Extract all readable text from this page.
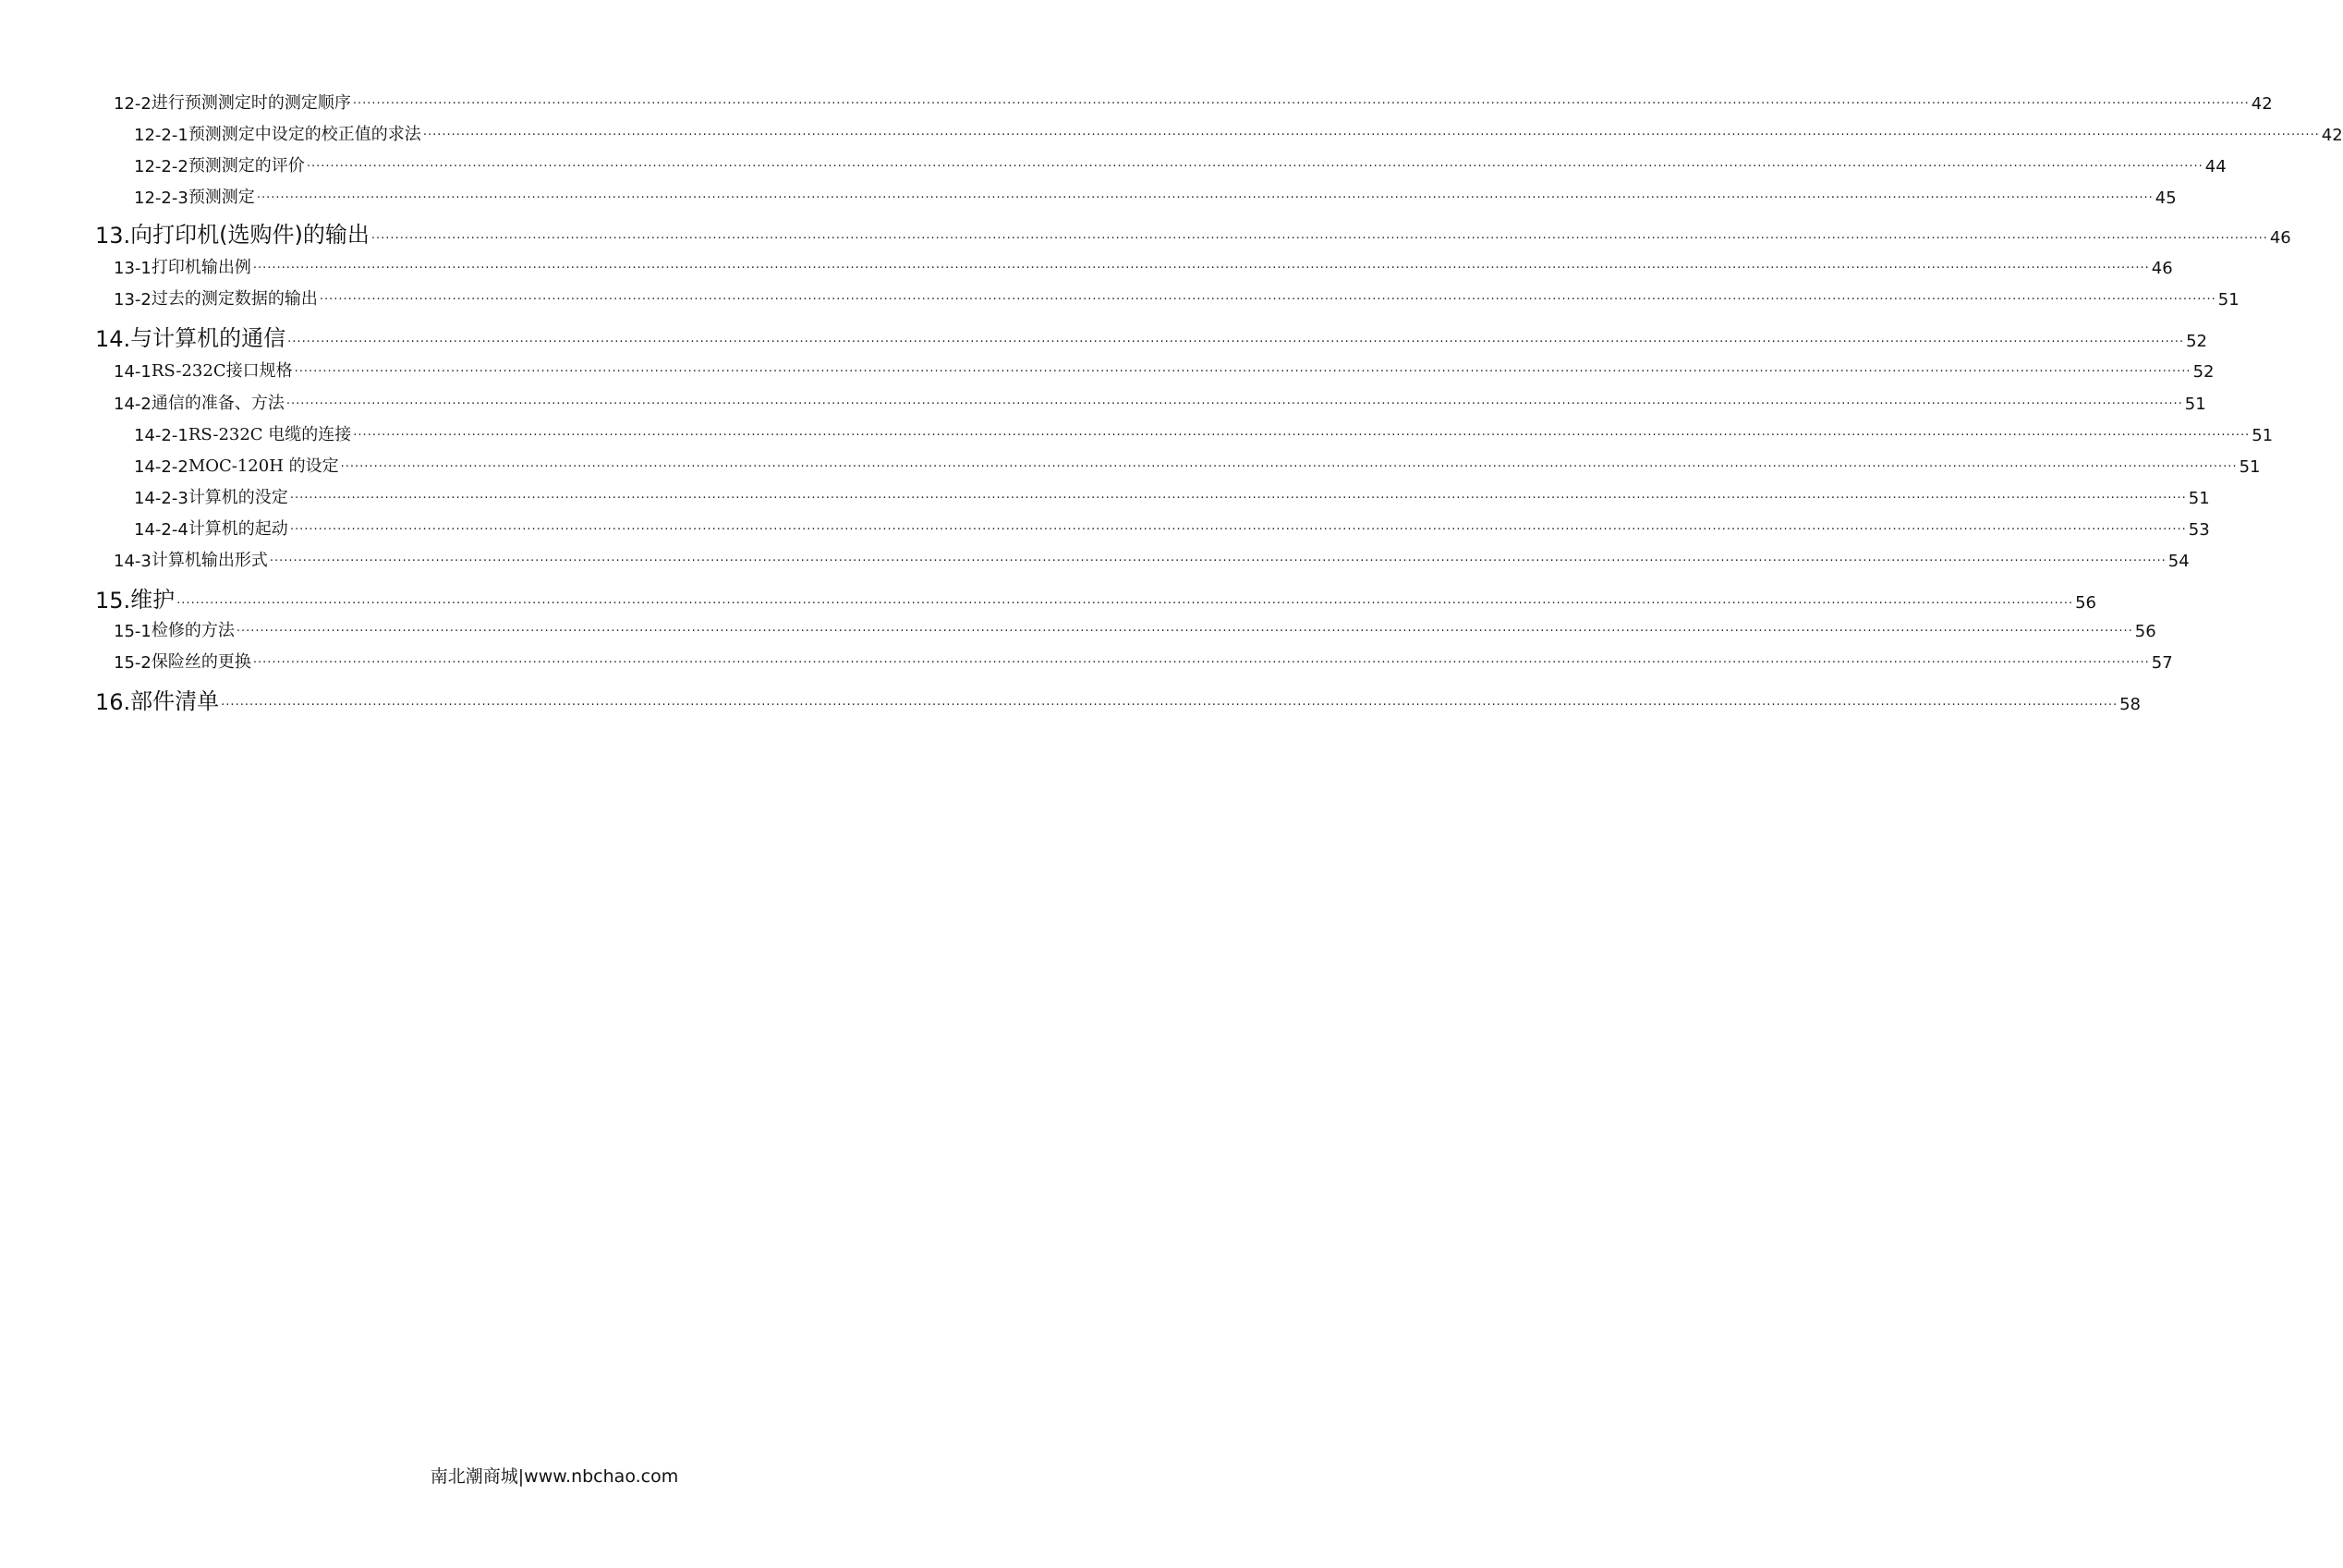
12-2 进行预测测定时的测定顺序 ················································································································································································································································································································································································································ 42
12-2-1 预测测定中设定的校正值的求法 ················································································································································································································································································································································································································ 42
12-2-2 预测测定的评价 ················································································································································································································································································································································································································ 44
12-2-3 预测测定 ················································································································································································································································································································································································································ 45
13. 向打印机(选购件)的输出 ················································································································································································································································································································································································································ 46
13-1 打印机输出例 ················································································································································································································································································································································································································ 46
13-2 过去的测定数据的输出 ················································································································································································································································································································································································································ 51
14. 与计算机的通信 ················································································································································································································································································································································································································ 52
14-1 RS-232C接口规格 ················································································································································································································································································································································································································ 52
14-2 通信的准备、方法 ················································································································································································································································································································································································································ 51
14-2-1 RS-232C 电缆的连接 ················································································································································································································································································································································································································ 51
14-2-2 MOC-120H 的设定 ················································································································································································································································································································································································································ 51
14-2-3 计算机的没定 ················································································································································································································································································································································································································ 51
14-2-4 计算机的起动 ················································································································································································································································································································································································································ 53
14-3 计算机输出形式 ················································································································································································································································································································································································································ 54
15. 维护 ················································································································································································································································································································································································································ 56
15-1 检修的方法 ················································································································································································································································································································································································································ 56
15-2 保险丝的更换 ················································································································································································································································································································································································································ 57
16. 部件清单 ················································································································································································································································································································································································································ 58
南北潮商城|www.nbchao.com
